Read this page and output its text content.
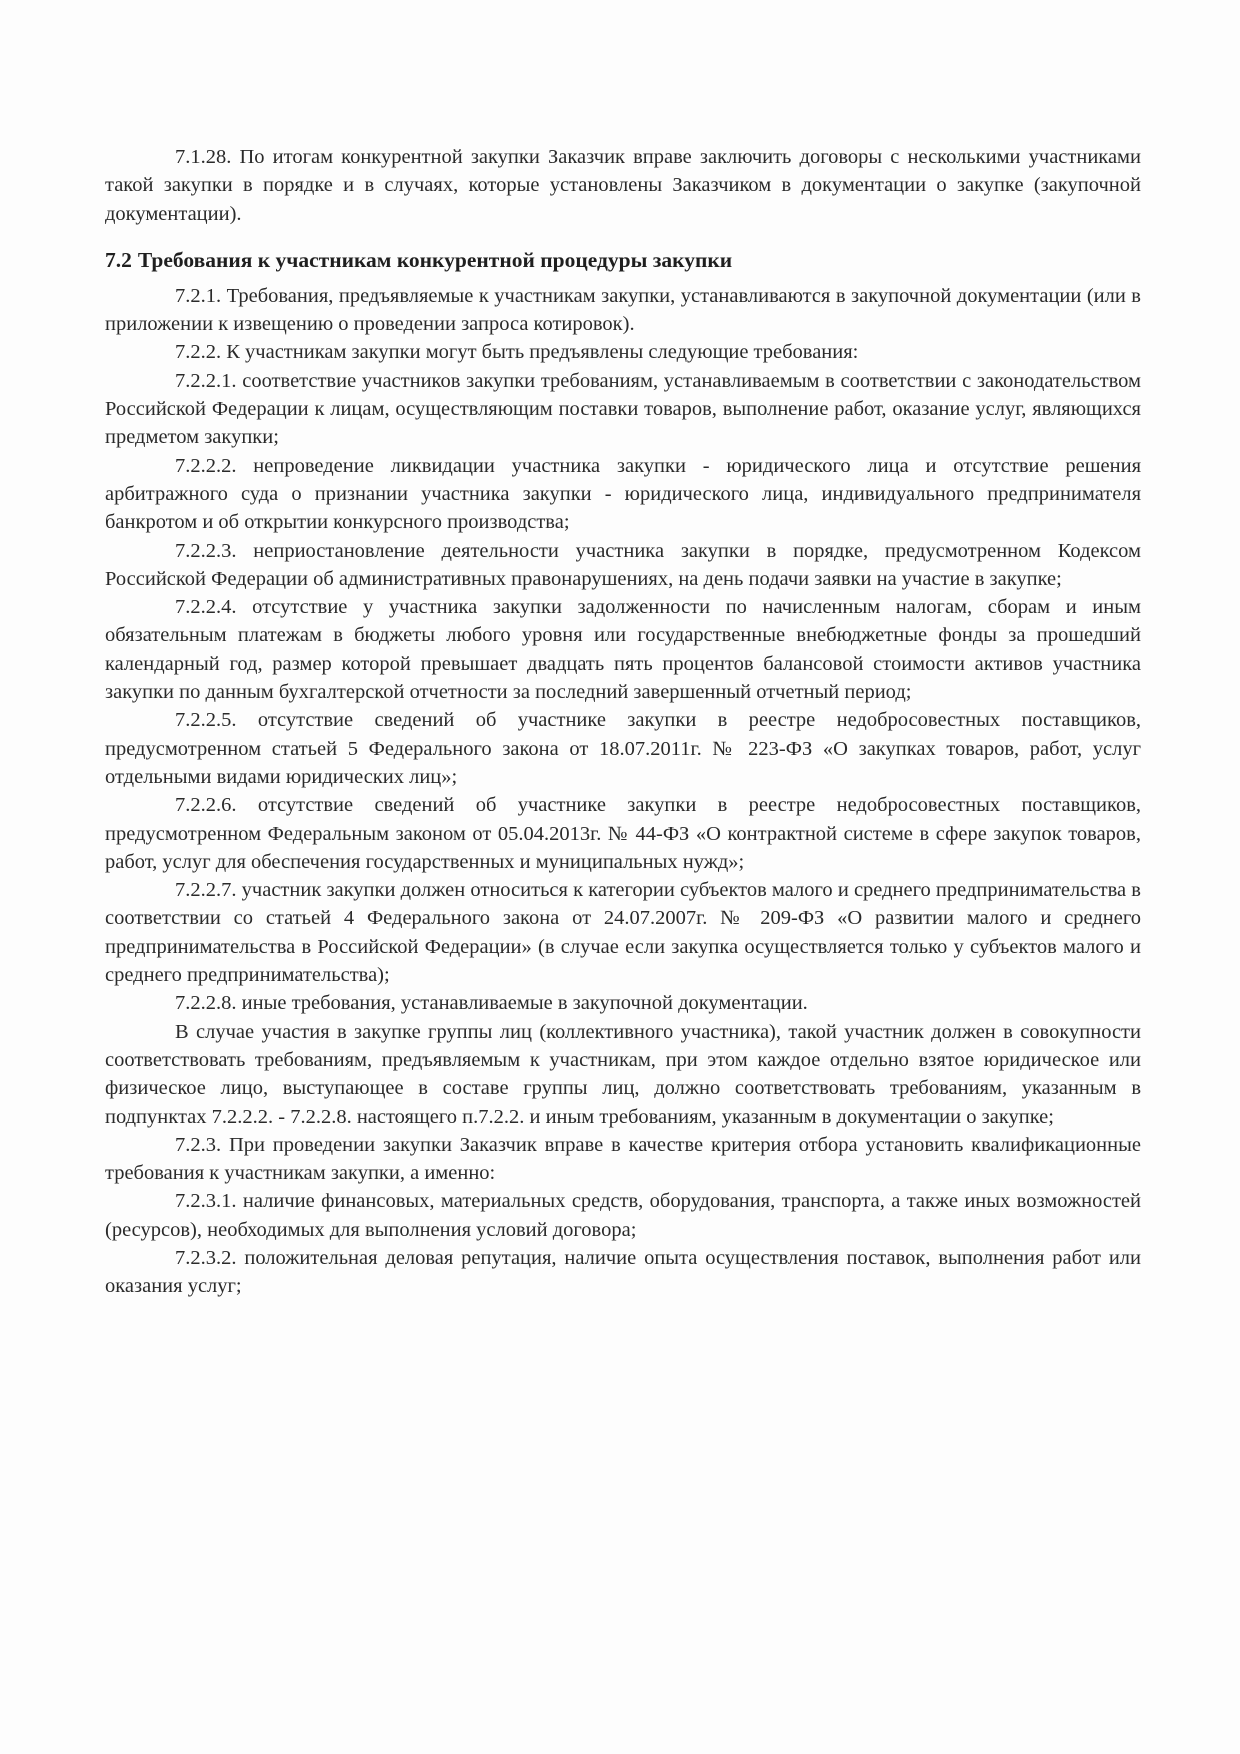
7.1.28. По итогам конкурентной закупки Заказчик вправе заключить договоры с несколькими участниками такой закупки в порядке и в случаях, которые установлены Заказчиком в документации о закупке (закупочной документации).

7.2 Требования к участникам конкурентной процедуры закупки

7.2.1. Требования, предъявляемые к участникам закупки, устанавливаются в закупочной документации (или в приложении к извещению о проведении запроса котировок).

7.2.2. К участникам закупки могут быть предъявлены следующие требования:

7.2.2.1. соответствие участников закупки требованиям, устанавливаемым в соответствии с законодательством Российской Федерации к лицам, осуществляющим поставки товаров, выполнение работ, оказание услуг, являющихся предметом закупки;

7.2.2.2. непроведение ликвидации участника закупки - юридического лица и отсутствие решения арбитражного суда о признании участника закупки - юридического лица, индивидуального предпринимателя банкротом и об открытии конкурсного производства;

7.2.2.3. неприостановление деятельности участника закупки в порядке, предусмотренном Кодексом Российской Федерации об административных правонарушениях, на день подачи заявки на участие в закупке;

7.2.2.4. отсутствие у участника закупки задолженности по начисленным налогам, сборам и иным обязательным платежам в бюджеты любого уровня или государственные внебюджетные фонды за прошедший календарный год, размер которой превышает двадцать пять процентов балансовой стоимости активов участника закупки по данным бухгалтерской отчетности за последний завершенный отчетный период;

7.2.2.5. отсутствие сведений об участнике закупки в реестре недобросовестных поставщиков, предусмотренном статьей 5 Федерального закона от 18.07.2011г. № 223-ФЗ «О закупках товаров, работ, услуг отдельными видами юридических лиц»;

7.2.2.6. отсутствие сведений об участнике закупки в реестре недобросовестных поставщиков, предусмотренном Федеральным законом от 05.04.2013г. № 44-ФЗ «О контрактной системе в сфере закупок товаров, работ, услуг для обеспечения государственных и муниципальных нужд»;

7.2.2.7. участник закупки должен относиться к категории субъектов малого и среднего предпринимательства в соответствии со статьей 4 Федерального закона от 24.07.2007г. № 209-ФЗ «О развитии малого и среднего предпринимательства в Российской Федерации» (в случае если закупка осуществляется только у субъектов малого и среднего предпринимательства);

7.2.2.8. иные требования, устанавливаемые в закупочной документации.

В случае участия в закупке группы лиц (коллективного участника), такой участник должен в совокупности соответствовать требованиям, предъявляемым к участникам, при этом каждое отдельно взятое юридическое или физическое лицо, выступающее в составе группы лиц, должно соответствовать требованиям, указанным в подпунктах 7.2.2.2. - 7.2.2.8. настоящего п.7.2.2. и иным требованиям, указанным в документации о закупке;

7.2.3. При проведении закупки Заказчик вправе в качестве критерия отбора установить квалификационные требования к участникам закупки, а именно:

7.2.3.1. наличие финансовых, материальных средств, оборудования, транспорта, а также иных возможностей (ресурсов), необходимых для выполнения условий договора;

7.2.3.2. положительная деловая репутация, наличие опыта осуществления поставок, выполнения работ или оказания услуг;
